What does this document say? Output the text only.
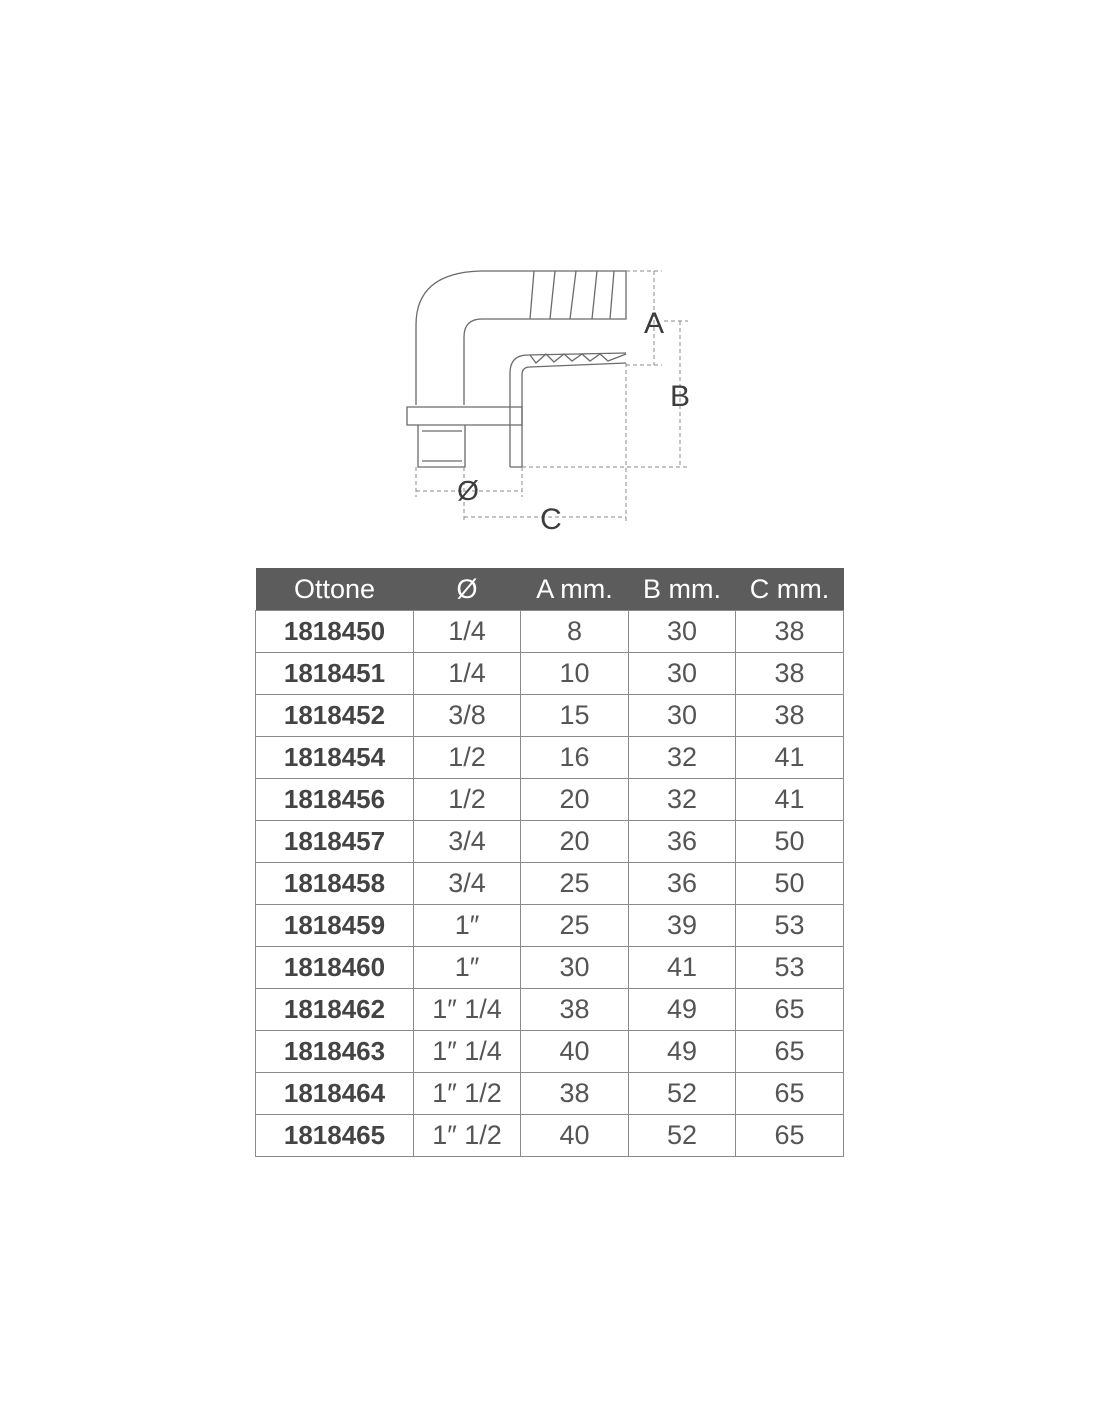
A
B
C
Ø
Ottone	Ø	A mm.	B mm.	C mm.
1818450	1/4	8	30	38
1818451	1/4	10	30	38
1818452	3/8	15	30	38
1818454	1/2	16	32	41
1818456	1/2	20	32	41
1818457	3/4	20	36	50
1818458	3/4	25	36	50
1818459	1″	25	39	53
1818460	1″	30	41	53
1818462	1″ 1/4	38	49	65
1818463	1″ 1/4	40	49	65
1818464	1″ 1/2	38	52	65
1818465	1″ 1/2	40	52	65
